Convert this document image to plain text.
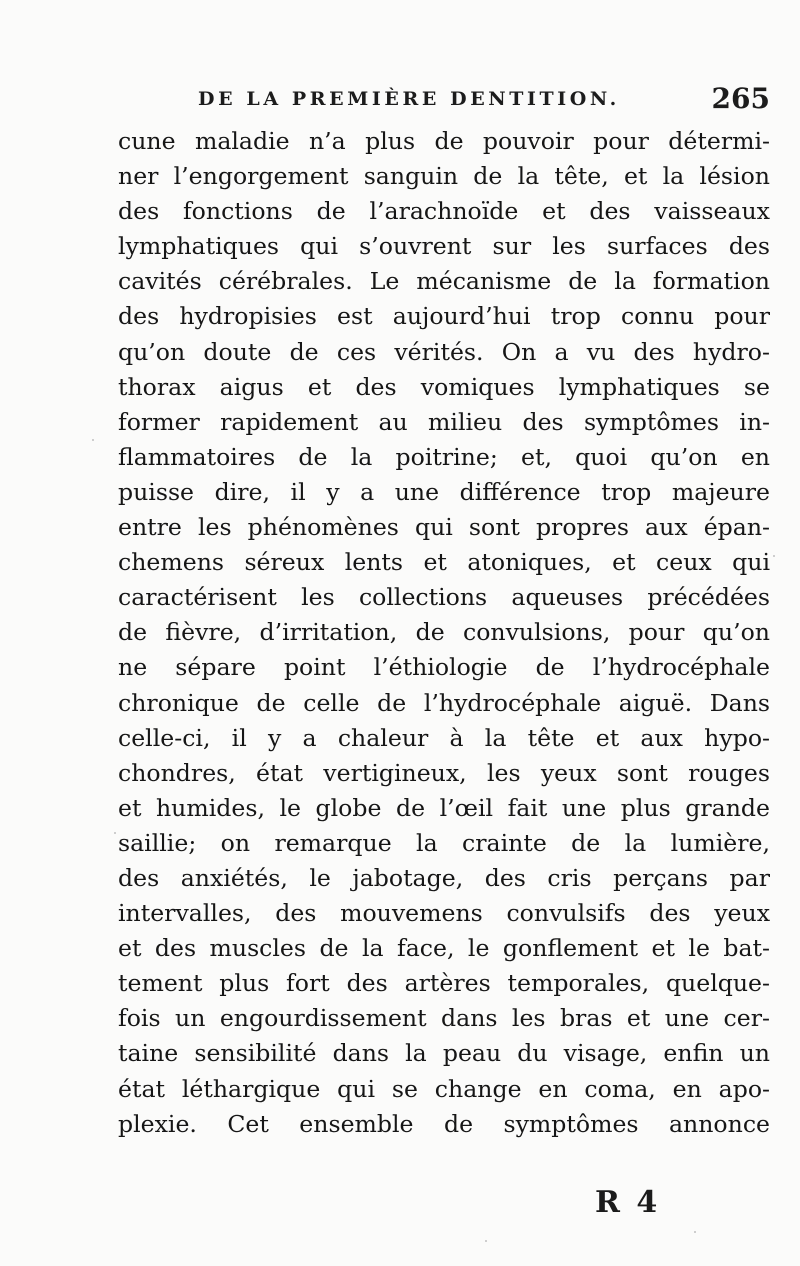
DE LA PREMIÈRE DENTITION.	265
cune maladie n’a plus de pouvoir pour détermi-
ner l’engorgement sanguin de la tête, et la lésion
des fonctions de l’arachnoïde et des vaisseaux
lymphatiques qui s’ouvrent sur les surfaces des
cavités cérébrales. Le mécanisme de la formation
des hydropisies est aujourd’hui trop connu pour
qu’on doute de ces vérités. On a vu des hydro-
thorax aigus et des vomiques lymphatiques se
former rapidement au milieu des symptômes in-
flammatoires de la poitrine; et, quoi qu’on en
puisse dire, il y a une différence trop majeure
entre les phénomènes qui sont propres aux épan-
chemens séreux lents et atoniques, et ceux qui
caractérisent les collections aqueuses précédées
de fièvre, d’irritation, de convulsions, pour qu’on
ne sépare point l’éthiologie de l’hydrocéphale
chronique de celle de l’hydrocéphale aiguë. Dans
celle-ci, il y a chaleur à la tête et aux hypo-
chondres, état vertigineux, les yeux sont rouges
et humides, le globe de l’œil fait une plus grande
saillie; on remarque la crainte de la lumière,
des anxiétés, le jabotage, des cris perçans par
intervalles, des mouvemens convulsifs des yeux
et des muscles de la face, le gonflement et le bat-
tement plus fort des artères temporales, quelque-
fois un engourdissement dans les bras et une cer-
taine sensibilité dans la peau du visage, enfin un
état léthargique qui se change en coma, en apo-
plexie. Cet ensemble de symptômes annonce
R 4
